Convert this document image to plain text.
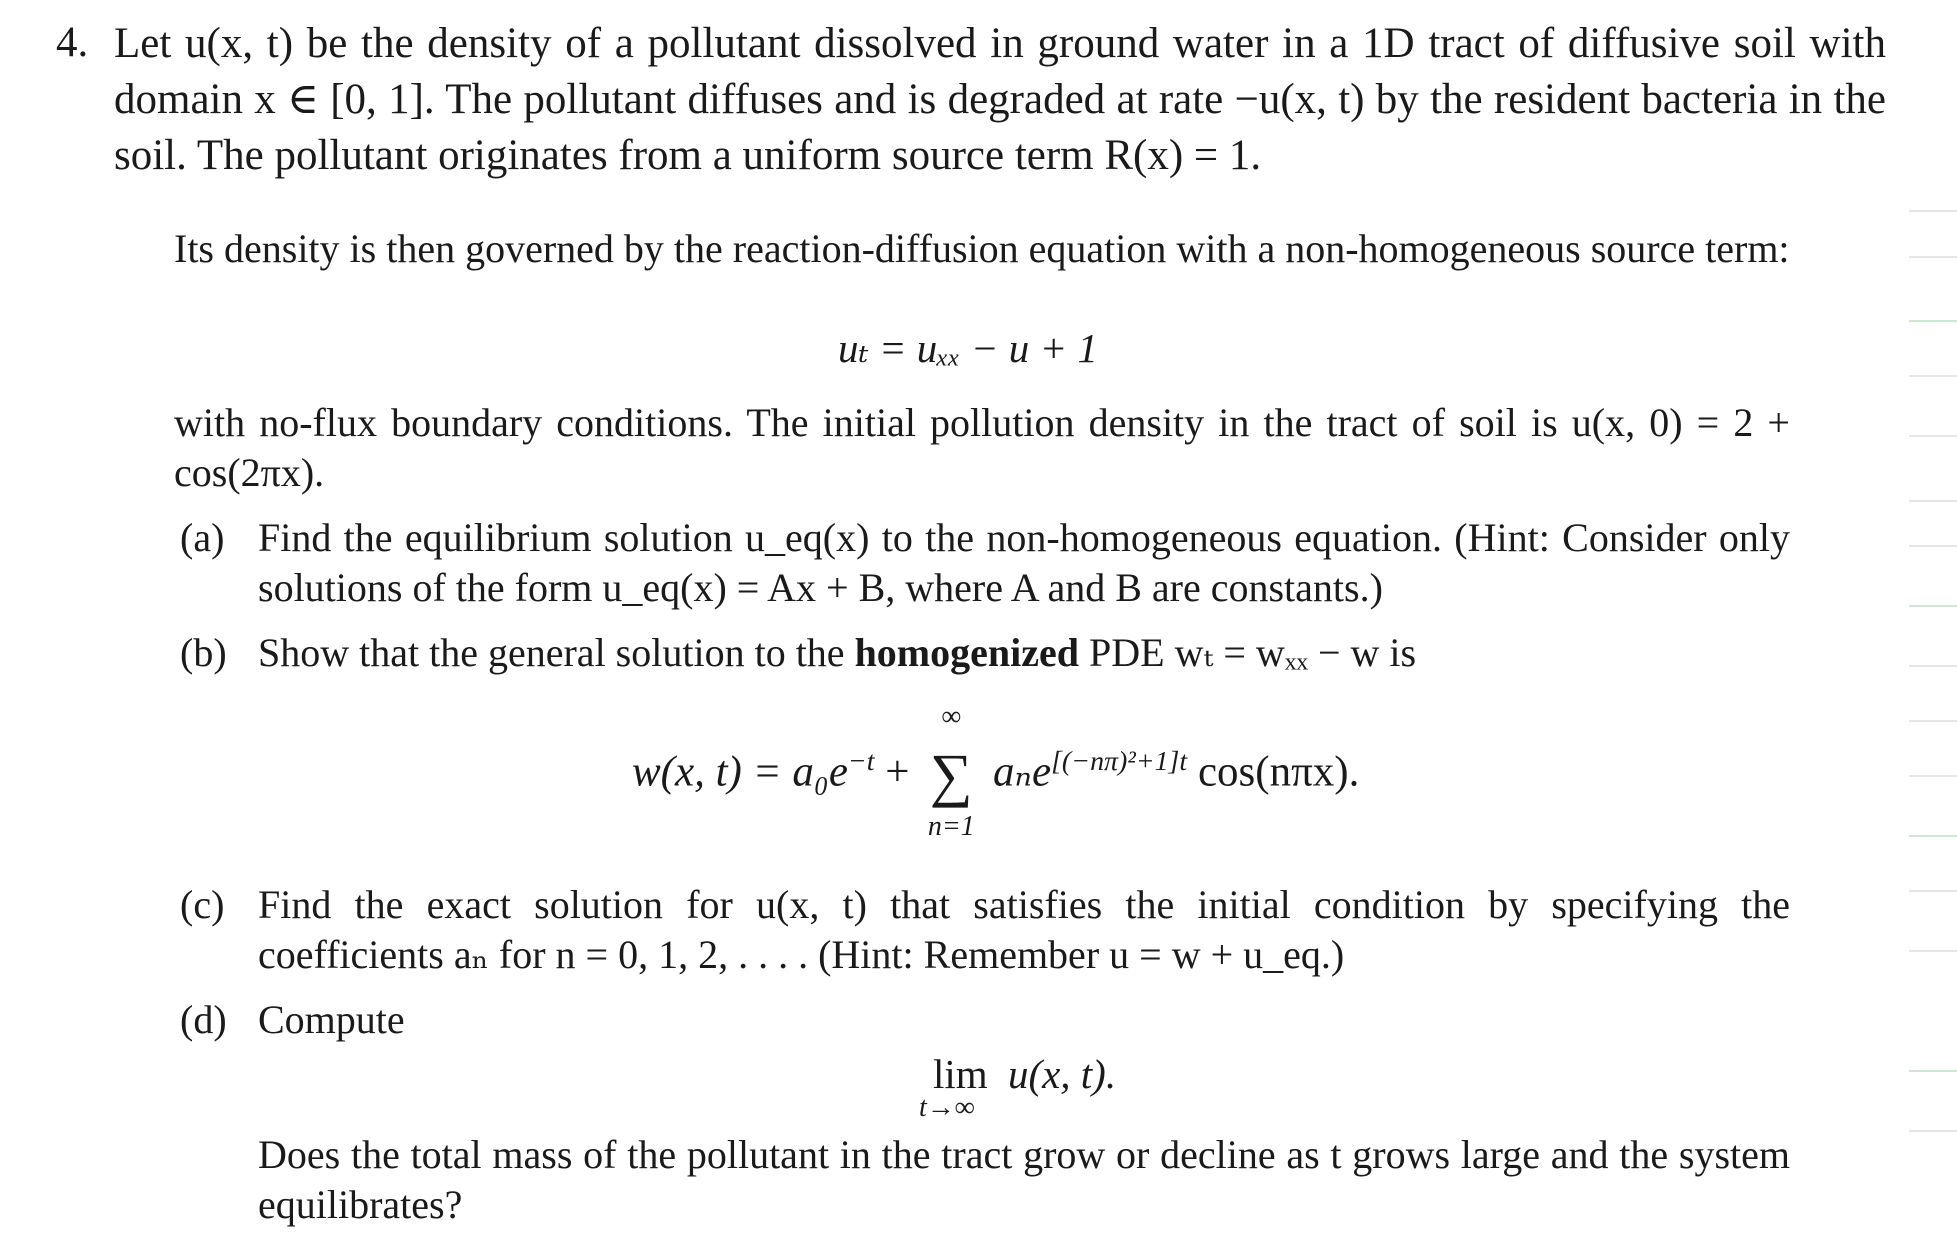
4. Let u(x, t) be the density of a pollutant dissolved in ground water in a 1D tract of diffusive soil with domain x ∈ [0, 1]. The pollutant diffuses and is degraded at rate −u(x, t) by the resident bacteria in the soil. The pollutant originates from a uniform source term R(x) = 1.
Its density is then governed by the reaction-diffusion equation with a non-homogeneous source term:
uₜ = uₓₓ − u + 1
with no-flux boundary conditions. The initial pollution density in the tract of soil is u(x, 0) = 2 + cos(2πx).
(a) Find the equilibrium solution u_eq(x) to the non-homogeneous equation. (Hint: Consider only solutions of the form u_eq(x) = Ax + B, where A and B are constants.)
(b) Show that the general solution to the homogenized PDE wₜ = wₓₓ − w is
w(x, $t) = a_0e^{-t}$ +
∞
∑
n=1
aₙe$^{[(-n\pi)^2+1]t}$ cos(nπx).
(c) Find the exact solution for u(x, t) that satisfies the initial condition by specifying the coefficients aₙ for n = 0, 1, 2, . . . . (Hint: Remember u = w + u_eq.)
(d) Compute
lim
t→∞
u(x, t).
Does the total mass of the pollutant in the tract grow or decline as t grows large and the system equilibrates?
